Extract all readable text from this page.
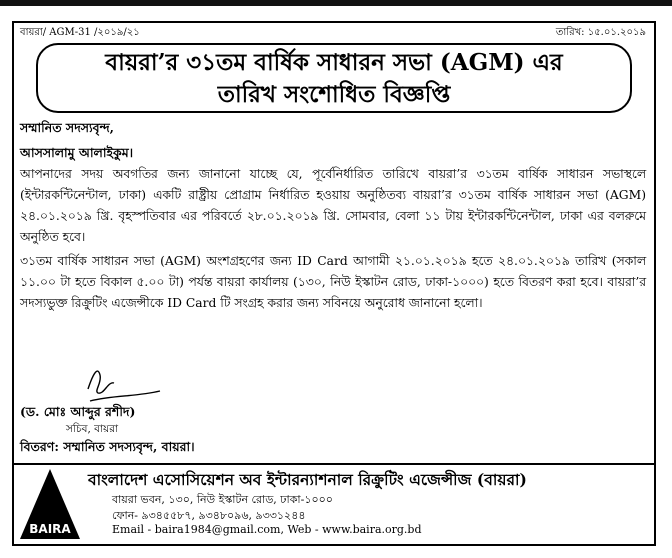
বায়রা/ AGM-31 /২০১৯/২১	তারিখ: ১৫.০১.২০১৯
বায়রা’র ৩১তম বার্ষিক সাধারন সভা (AGM) এর
তারিখ সংশোধিত বিজ্ঞপ্তি
সম্মানিত সদস্যবৃন্দ,
আসসালামু আলাইকুম।
আপনাদের সদয় অবগতির জন্য জানানো যাচ্ছে যে, পূর্বেনির্ধারিত তারিখে বায়রা’র ৩১তম বার্ষিক সাধারন সভাস্থলে (ইন্টারকন্টিনেন্টাল, ঢাকা) একটি রাষ্ট্রীয় প্রোগ্রাম নির্ধারিত হওয়ায় অনুষ্ঠিতব্য বায়রা’র ৩১তম বার্ষিক সাধারন সভা (AGM) ২৪.০১.২০১৯ খ্রি. বৃহস্পতিবার এর পরিবর্তে ২৮.০১.২০১৯ খ্রি. সোমবার, বেলা ১১ টায় ইন্টারকন্টিনেন্টাল, ঢাকা এর বলরুমে অনুষ্ঠিত হবে।
৩১তম বার্ষিক সাধারন সভা (AGM) অংশগ্রহণের জন্য ID Card আগামী ২১.০১.২০১৯ হতে ২৪.০১.২০১৯ তারিখ (সকাল ১১.০০ টা হতে বিকাল ৫.০০ টা) পর্যন্ত বায়রা কার্যালয় (১৩০, নিউ ইস্কাটন রোড, ঢাকা-১০০০) হতে বিতরণ করা হবে। বায়রা’র সদস্যভুক্ত রিক্রুটিং এজেন্সীকে ID Card টি সংগ্রহ করার জন্য সবিনয়ে অনুরোধ জানানো হলো।
(ড. মোঃ আব্দুর রশীদ)
সচিব, বায়রা
বিতরণ: সম্মানিত সদস্যবৃন্দ, বায়রা।
BAIRA
বাংলাদেশ এসোসিয়েশন অব ইন্টারন্যাশনাল রিক্রুটিং এজেন্সীজ (বায়রা)
বায়রা ভবন, ১৩০, নিউ ইস্কাটন রোড, ঢাকা-১০০০
ফোন- ৯৩৪৫৫৮৭, ৯৩৪৮০৯৬, ৯৩৩১২৪৪
Email - baira1984@gmail.com, Web - www.baira.org.bd
